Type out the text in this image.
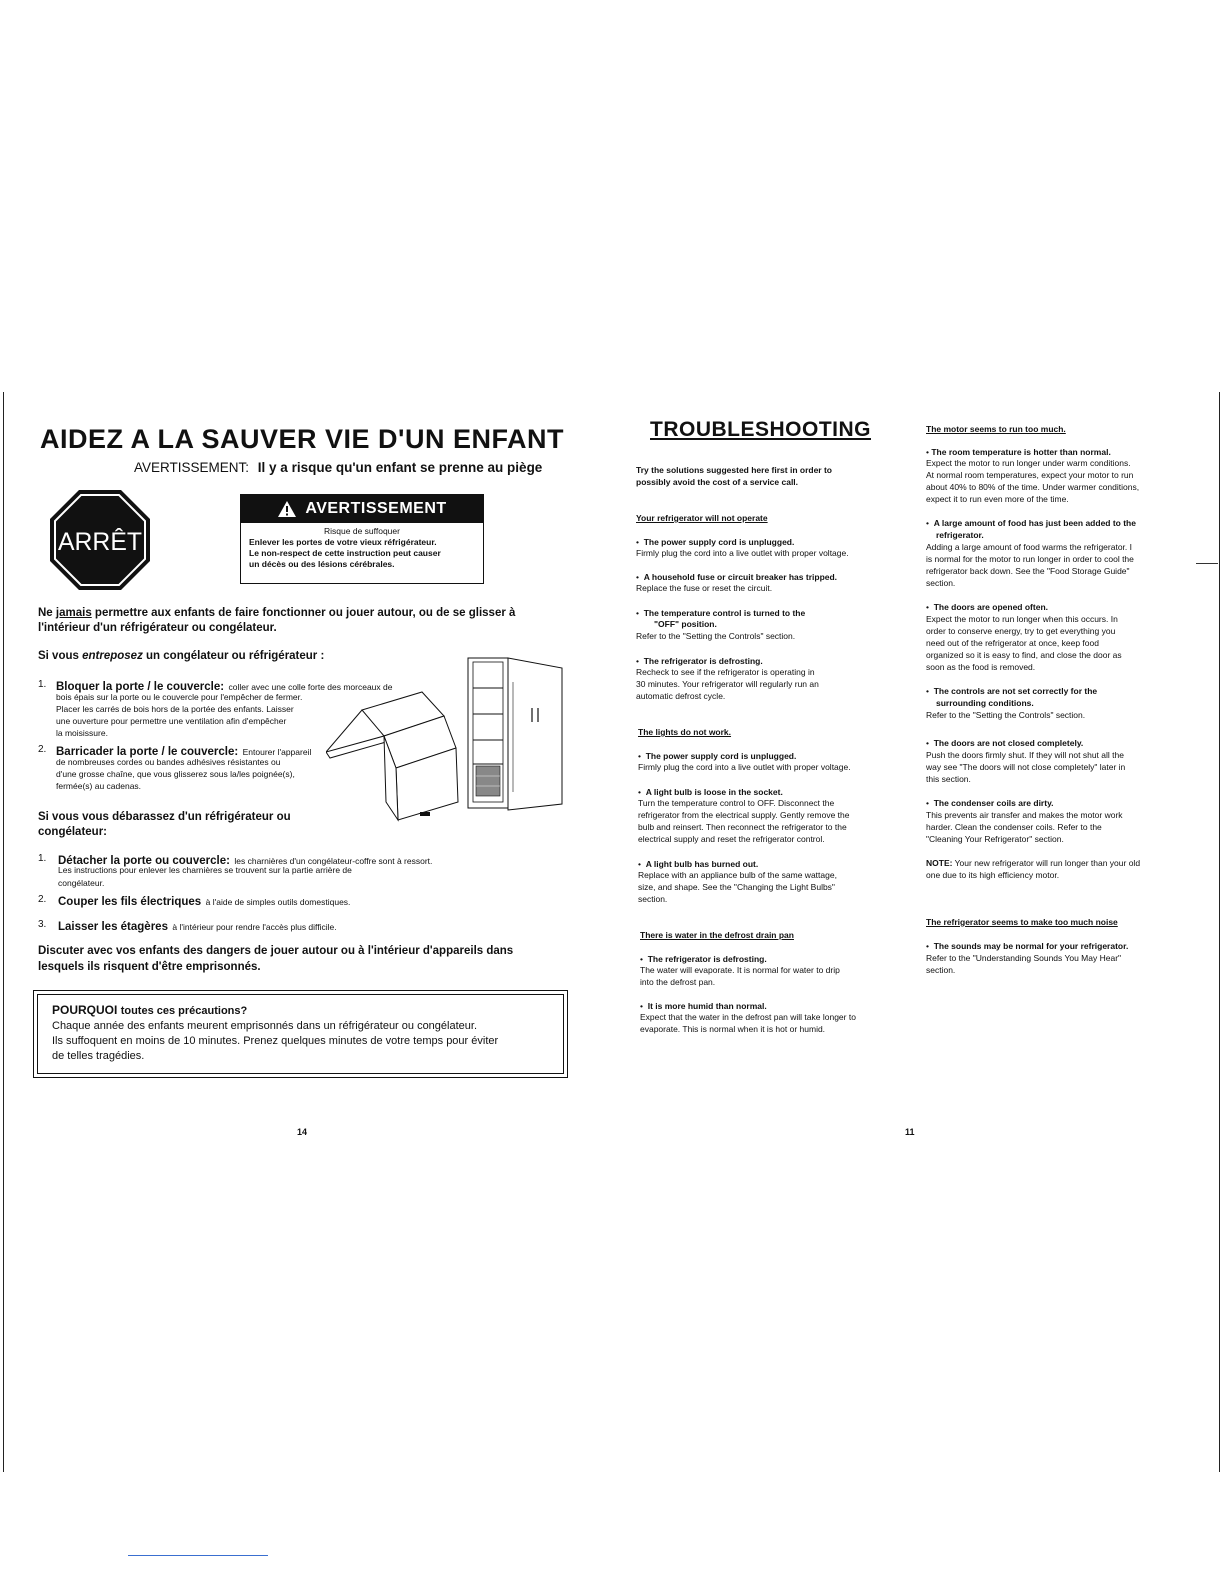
AIDEZ A LA SAUVER VIE D'UN ENFANT
AVERTISSEMENT: Il y a risque qu'un enfant se prenne au piège
ARRÊT
AVERTISSEMENT
Risque de suffoquer
Enlever les portes de votre vieux réfrigérateur.
Le non-respect de cette instruction peut causer
un décès ou des lésions cérébrales.
Ne jamais permettre aux enfants de faire fonctionner ou jouer autour, ou de se glisser à
l'intérieur d'un réfrigérateur ou congélateur.
Si vous entreposez un congélateur ou réfrigérateur :
1. Bloquer la porte / le couvercle: coller avec une colle forte des morceaux de
bois épais sur la porte ou le couvercle pour l'empêcher de fermer.
Placer les carrés de bois hors de la portée des enfants. Laisser
une ouverture pour permettre une ventilation afin d'empêcher
la moisissure.
2. Barricader la porte / le couvercle: Entourer l'appareil
de nombreuses cordes ou bandes adhésives résistantes ou
d'une grosse chaîne, que vous glisserez sous la/les poignée(s),
fermée(s) au cadenas.
Si vous vous débarassez d'un réfrigérateur ou
congélateur:
1. Détacher la porte ou couvercle: les charnières d'un congélateur-coffre sont à ressort.
Les instructions pour enlever les charnières se trouvent sur la partie arrière de
congélateur.
2. Couper les fils électriques à l'aide de simples outils domestiques.
3. Laisser les étagères à l'intérieur pour rendre l'accès plus difficile.
Discuter avec vos enfants des dangers de jouer autour ou à l'intérieur d'appareils dans
lesquels ils risquent d'être emprisonnés.
POURQUOI toutes ces précautions?
Chaque année des enfants meurent emprisonnés dans un réfrigérateur ou congélateur.
Ils suffoquent en moins de 10 minutes. Prenez quelques minutes de votre temps pour éviter
de telles tragédies.
14
TROUBLESHOOTING
Try the solutions suggested here first in order to
possibly avoid the cost of a service call.
Your refrigerator will not operate
•  The power supply cord is unplugged.
Firmly plug the cord into a live outlet with proper voltage.
•  A household fuse or circuit breaker has tripped.
Replace the fuse or reset the circuit.
•  The temperature control is turned to the
"OFF" position.
Refer to the "Setting the Controls" section.
•  The refrigerator is defrosting.
Recheck to see if the refrigerator is operating in
30 minutes. Your refrigerator will regularly run an
automatic defrost cycle.
The lights do not work.
•  The power supply cord is unplugged.
Firmly plug the cord into a live outlet with proper voltage.
•  A light bulb is loose in the socket.
Turn the temperature control to OFF. Disconnect the
refrigerator from the electrical supply. Gently remove the
bulb and reinsert. Then reconnect the refrigerator to the
electrical supply and reset the refrigerator control.
•  A light bulb has burned out.
Replace with an appliance bulb of the same wattage,
size, and shape. See the "Changing the Light Bulbs"
section.
There is water in the defrost drain pan
•  The refrigerator is defrosting.
The water will evaporate. It is normal for water to drip
into the defrost pan.
•  It is more humid than normal.
Expect that the water in the defrost pan will take longer to
evaporate. This is normal when it is hot or humid.
The motor seems to run too much.
• The room temperature is hotter than normal.
Expect the motor to run longer under warm conditions.
At normal room temperatures, expect your motor to run
about 40% to 80% of the time. Under warmer conditions,
expect it to run even more of the time.
•  A large amount of food has just been added to the
refrigerator.
Adding a large amount of food warms the refrigerator. I
is normal for the motor to run longer in order to cool the
refrigerator back down. See the "Food Storage Guide"
section.
•  The doors are opened often.
Expect the motor to run longer when this occurs. In
order to conserve energy, try to get everything you
need out of the refrigerator at once, keep food
organized so it is easy to find, and close the door as
soon as the food is removed.
•  The controls are not set correctly for the
surrounding conditions.
Refer to the "Setting the Controls" section.
•  The doors are not closed completely.
Push the doors firmly shut. If they will not shut all the
way see "The doors will not close completely" later in
this section.
•  The condenser coils are dirty.
This prevents air transfer and makes the motor work
harder. Clean the condenser coils. Refer to the
"Cleaning Your Refrigerator" section.
NOTE: Your new refrigerator will run longer than your old
one due to its high efficiency motor.
The refrigerator seems to make too much noise
•  The sounds may be normal for your refrigerator.
Refer to the "Understanding Sounds You May Hear"
section.
11
